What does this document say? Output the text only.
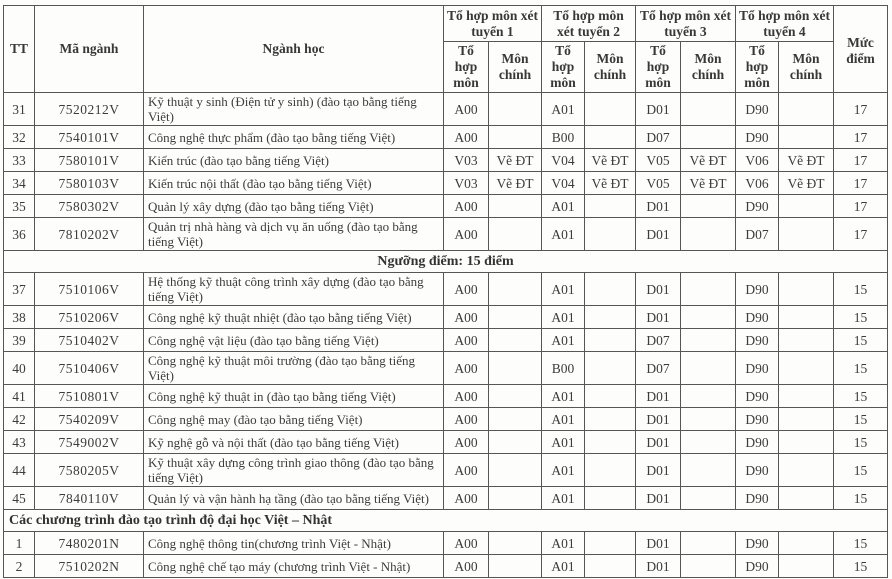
TT	Mã ngành	Ngành học	Tổ hợp môn xét tuyển 1		Tổ hợp môn xét tuyển 2		Tổ hợp môn xét tuyển 3		Tổ hợp môn xét tuyển 4		Mức điểm
			Tổ hợp môn	Môn chính	Tổ hợp môn	Môn chính	Tổ hợp môn	Môn chính	Tổ hợp môn	Môn chính	
31	7520212V	Kỹ thuật y sinh (Điện tử y sinh) (đào tạo bằng tiếng Việt)	A00		A01		D01		D90		17
32	7540101V	Công nghệ thực phẩm (đào tạo bằng tiếng Việt)	A00		B00		D07		D90		17
33	7580101V	Kiến trúc (đào tạo bằng tiếng Việt)	V03	Vẽ ĐT	V04	Vẽ ĐT	V05	Vẽ ĐT	V06	Vẽ ĐT	17
34	7580103V	Kiến trúc nội thất (đào tạo bằng tiếng Việt)	V03	Vẽ ĐT	V04	Vẽ ĐT	V05	Vẽ ĐT	V06	Vẽ ĐT	17
35	7580302V	Quản lý xây dựng (đào tạo bằng tiếng Việt)	A00		A01		D01		D90		17
36	7810202V	Quản trị nhà hàng và dịch vụ ăn uống (đào tạo bằng tiếng Việt)	A00		A01		D01		D07		17
Ngưỡng điểm: 15 điểm											
37	7510106V	Hệ thống kỹ thuật công trình xây dựng (đào tạo bằng tiếng Việt)	A00		A01		D01		D90		15
38	7510206V	Công nghệ kỹ thuật nhiệt (đào tạo bằng tiếng Việt)	A00		A01		D01		D90		15
39	7510402V	Công nghệ vật liệu (đào tạo bằng tiếng Việt)	A00		A01		D07		D90		15
40	7510406V	Công nghệ kỹ thuật môi trường (đào tạo bằng tiếng Việt)	A00		B00		D07		D90		15
41	7510801V	Công nghệ kỹ thuật in (đào tạo bằng tiếng Việt)	A00		A01		D01		D90		15
42	7540209V	Công nghệ may (đào tạo bằng tiếng Việt)	A00		A01		D01		D90		15
43	7549002V	Kỹ nghệ gỗ và nội thất (đào tạo bằng tiếng Việt)	A00		A01		D01		D90		15
44	7580205V	Kỹ thuật xây dựng công trình giao thông (đào tạo bằng tiếng Việt)	A00		A01		D01		D90		15
45	7840110V	Quản lý và vận hành hạ tầng (đào tạo bằng tiếng Việt)	A00		A01		D01		D90		15
Các chương trình đào tạo trình độ đại học Việt – Nhật											
1	7480201N	Công nghệ thông tin(chương trình Việt - Nhật)	A00		A01		D01		D90		15
2	7510202N	Công nghệ chế tạo máy (chương trình Việt - Nhật)	A00		A01		D01		D90		15
